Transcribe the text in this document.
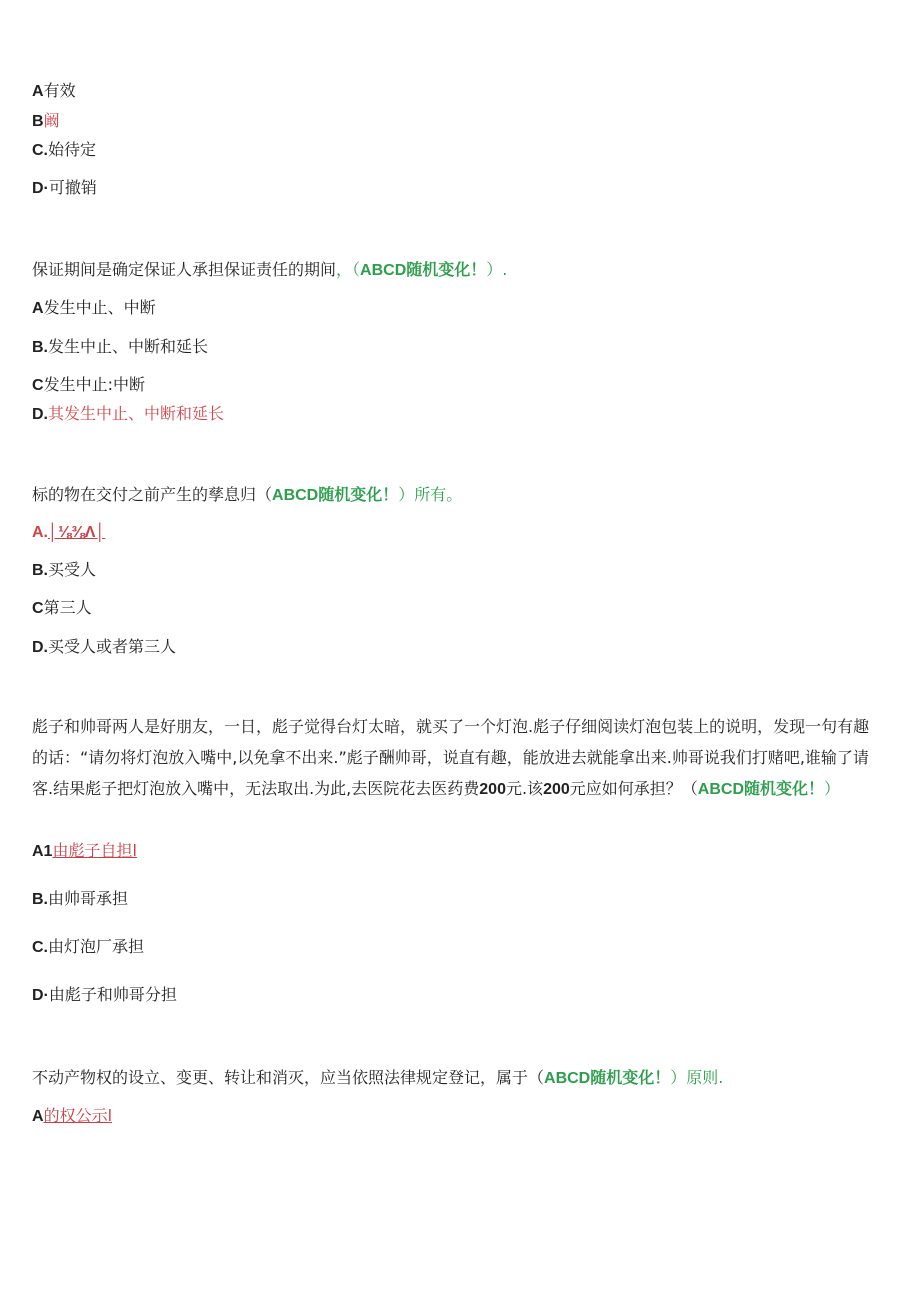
A有效
B阚
C.始待定
D·可撤销
保证期间是确定保证人承担保证责任的期间，（ABCD随机变化！）.
A发生中止、中断
B.发生中止、中断和延长
C发生中止:中断
D.其发生中止、中断和延长
标的物在交付之前产生的孳息归（ABCD随机变化！）所有。
A.│⅛⅜Λ│
B.买受人
C第三人
D.买受人或者第三人
彪子和帅哥两人是好朋友，一日，彪子觉得台灯太暗，就买了一个灯泡.彪子仔细阅读灯泡包装上的说明，发现一句有趣的话：“请勿将灯泡放入嘴中,以免拿不出来.”彪子酬帅哥，说直有趣，能放进去就能拿出来.帅哥说我们打赌吧,谁输了请客.结果彪子把灯泡放入嘴中，无法取出.为此,去医院花去医药费200元.该200元应如何承担？（ABCD随机变化！）
A1由彪子自担l
B.由帅哥承担
C.由灯泡厂承担
D·由彪子和帅哥分担
不动产物权的设立、变更、转让和消灭，应当依照法律规定登记，属于（ABCD随机变化！）原则.
A的权公示l
